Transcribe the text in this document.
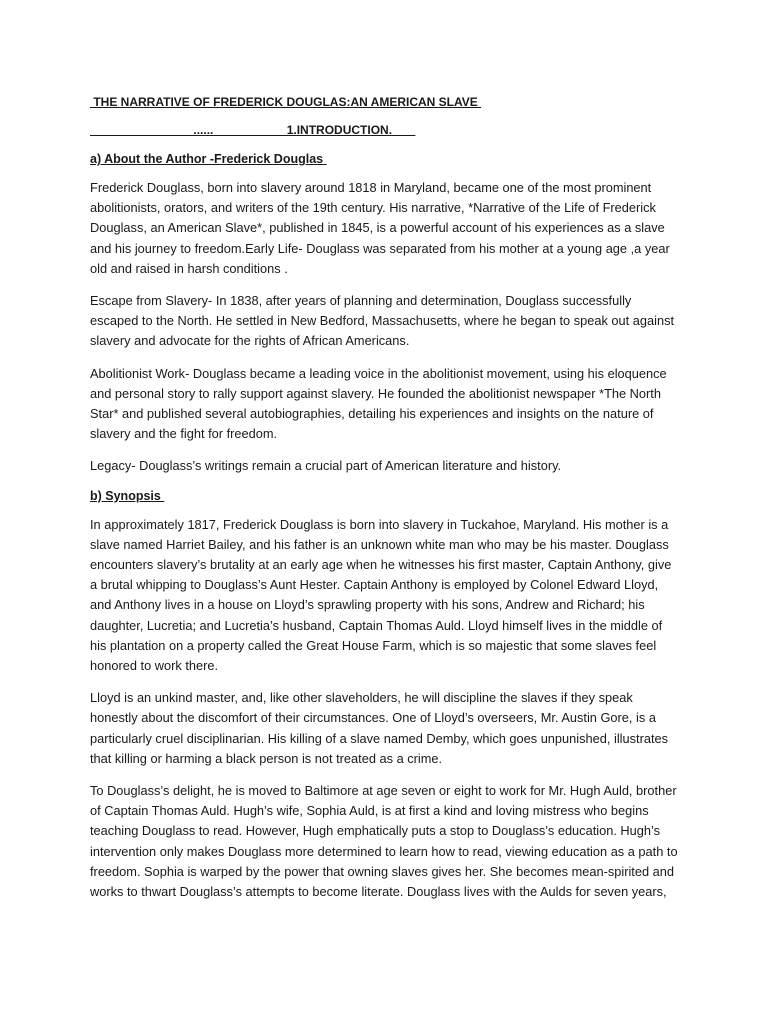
THE NARRATIVE OF FREDERICK DOUGLAS:AN AMERICAN SLAVE

......                      1.INTRODUCTION.

a) About the Author -Frederick Douglas

Frederick Douglass, born into slavery around 1818 in Maryland, became one of the most prominent abolitionists, orators, and writers of the 19th century. His narrative, *Narrative of the Life of Frederick Douglass, an American Slave*, published in 1845, is a powerful account of his experiences as a slave and his journey to freedom.Early Life- Douglass was separated from his mother at a young age ,a year old and raised in harsh conditions .

Escape from Slavery- In 1838, after years of planning and determination, Douglass successfully escaped to the North. He settled in New Bedford, Massachusetts, where he began to speak out against slavery and advocate for the rights of African Americans.

Abolitionist Work- Douglass became a leading voice in the abolitionist movement, using his eloquence and personal story to rally support against slavery. He founded the abolitionist newspaper *The North Star* and published several autobiographies, detailing his experiences and insights on the nature of slavery and the fight for freedom.

Legacy- Douglass’s writings remain a crucial part of American literature and history.

b) Synopsis

In approximately 1817, Frederick Douglass is born into slavery in Tuckahoe, Maryland. His mother is a slave named Harriet Bailey, and his father is an unknown white man who may be his master. Douglass encounters slavery’s brutality at an early age when he witnesses his first master, Captain Anthony, give a brutal whipping to Douglass’s Aunt Hester. Captain Anthony is employed by Colonel Edward Lloyd, and Anthony lives in a house on Lloyd’s sprawling property with his sons, Andrew and Richard; his daughter, Lucretia; and Lucretia’s husband, Captain Thomas Auld. Lloyd himself lives in the middle of his plantation on a property called the Great House Farm, which is so majestic that some slaves feel honored to work there.

Lloyd is an unkind master, and, like other slaveholders, he will discipline the slaves if they speak honestly about the discomfort of their circumstances. One of Lloyd’s overseers, Mr. Austin Gore, is a particularly cruel disciplinarian. His killing of a slave named Demby, which goes unpunished, illustrates that killing or harming a black person is not treated as a crime.

To Douglass’s delight, he is moved to Baltimore at age seven or eight to work for Mr. Hugh Auld, brother of Captain Thomas Auld. Hugh’s wife, Sophia Auld, is at first a kind and loving mistress who begins teaching Douglass to read. However, Hugh emphatically puts a stop to Douglass’s education. Hugh’s intervention only makes Douglass more determined to learn how to read, viewing education as a path to freedom. Sophia is warped by the power that owning slaves gives her. She becomes mean-spirited and works to thwart Douglass’s attempts to become literate. Douglass lives with the Aulds for seven years,
